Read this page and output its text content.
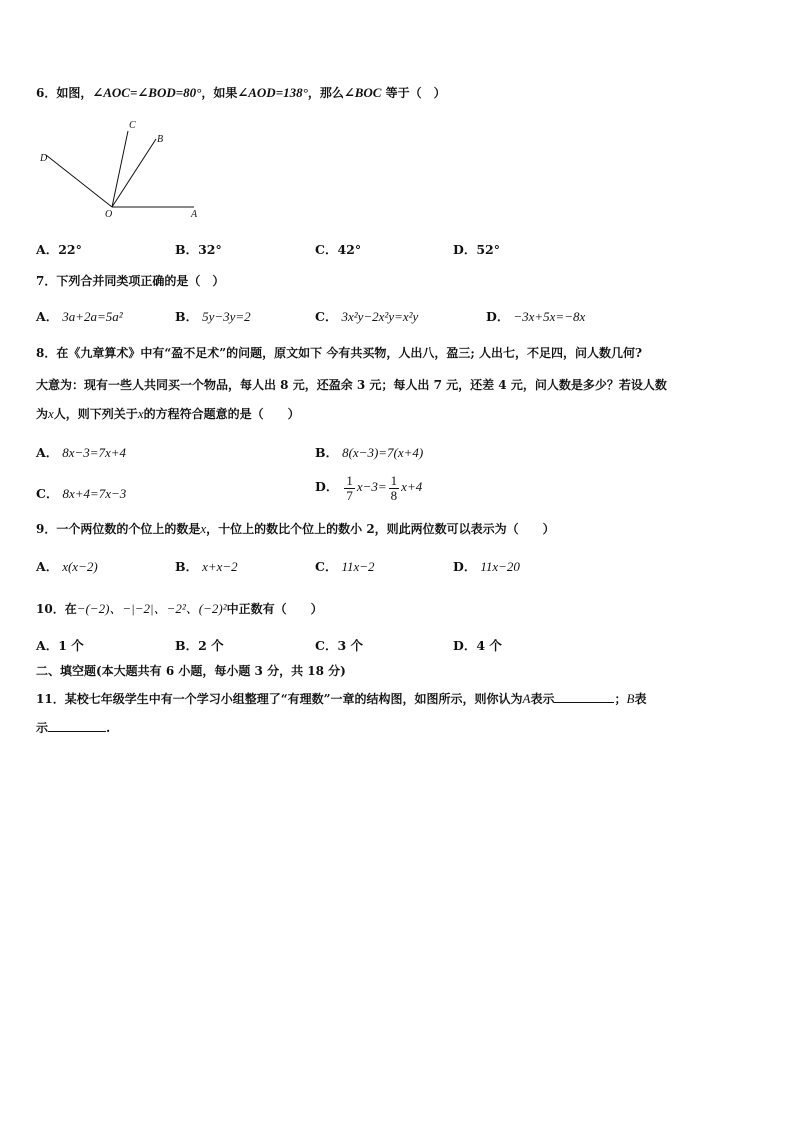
6．如图，∠AOC=∠BOD=80°，如果∠AOD=138°，那么∠BOC 等于（　）
C
B
D
O	A
A．22°	B．32°	C．42°	D．52°
7．下列合并同类项正确的是（　）
A． 3a+2a=5a²	B． 5y−3y=2	C． 3x²y−2x²y=x²y	D． −3x+5x=−8x
8．在《九章算术》中有“盈不足术”的问题，原文如下 今有共买物，人出八，盈三; 人出七，不足四，问人数几何?
大意为：现有一些人共同买一个物品，每人出 8 元，还盈余 3 元；每人出 7 元，还差 4 元，问人数是多少？若设人数
为x人，则下列关于x的方程符合题意的是（　　）
A． 8x−3=7x+4	B． 8(x−3)=7(x+4)
C． 8x+4=7x−3	D． $\frac{1}{7} x-3= \frac{1}{8} x+4$
9．一个两位数的个位上的数是x，十位上的数比个位上的数小 2，则此两位数可以表示为（　　）
A． x(x−2)	B． x+x−2	C． 11x−2	D． 11x−20
10．在−(−2)、−|−2|、−2²、(−2)²中正数有（　　）
A．1 个	B．2 个	C．3 个	D．4 个
二、填空题(本大题共有 6 小题，每小题 3 分，共 18 分)
11．某校七年级学生中有一个学习小组整理了“有理数”一章的结构图，如图所示，则你认为A表示	；B表
示	.
